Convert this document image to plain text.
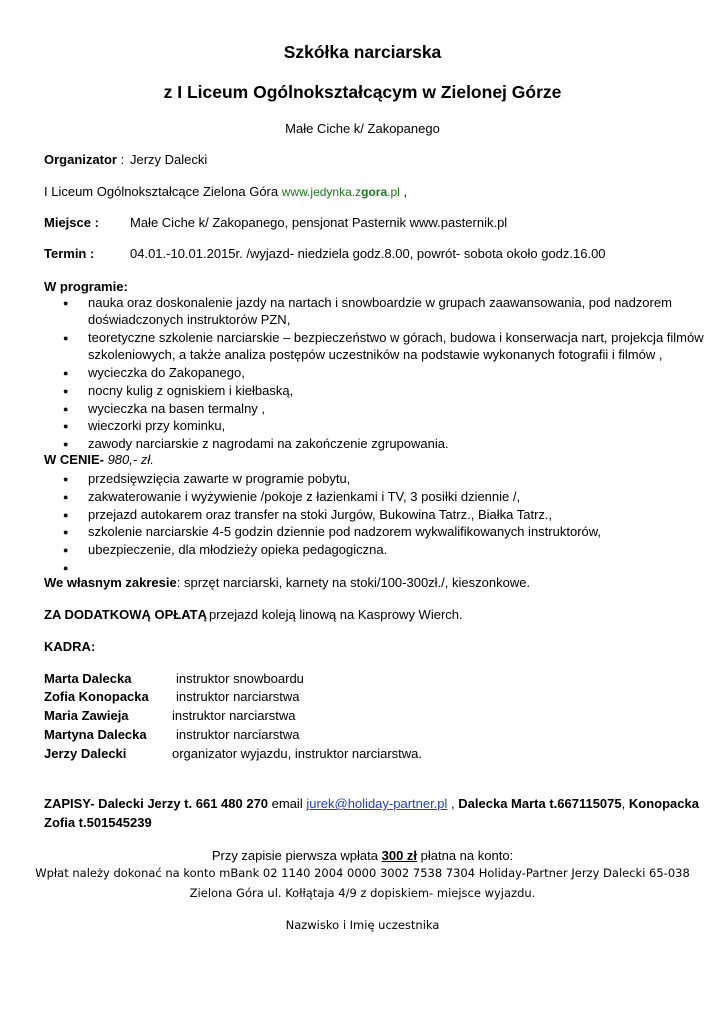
Szkółka narciarska
z I Liceum Ogólnokształcącym w Zielonej Górze
Małe Ciche k/ Zakopanego
Organizator : Jerzy Dalecki
I Liceum Ogólnokształcące Zielona Góra www.jedynka.zgora.pl ,
Miejsce : Małe Ciche k/ Zakopanego, pensjonat Pasternik www.pasternik.pl
Termin :	04.01.-10.01.2015r. /wyjazd- niedziela godz.8.00, powrót- sobota około godz.16.00
W programie:
● nauka oraz doskonalenie jazdy na nartach i snowboardzie w grupach zaawansowania, pod nadzorem
doświadczonych instruktorów PZN,
● teoretyczne szkolenie narciarskie – bezpieczeństwo w górach, budowa i konserwacja nart, projekcja filmów
szkoleniowych, a także analiza postępów uczestników na podstawie wykonanych fotografii i filmów ,
● wycieczka do Zakopanego,
● nocny kulig z ogniskiem i kiełbaską,
● wycieczka na basen termalny ,
● wieczorki przy kominku,
● zawody narciarskie z nagrodami na zakończenie zgrupowania.
W CENIE- 980,- zł.
● przedsięwzięcia zawarte w programie pobytu,
● zakwaterowanie i wyżywienie /pokoje z łazienkami i TV, 3 posiłki dziennie /,
● przejazd autokarem oraz transfer na stoki Jurgów, Bukowina Tatrz., Białka Tatrz.,
● szkolenie narciarskie 4-5 godzin dziennie pod nadzorem wykwalifikowanych instruktorów,
● ubezpieczenie, dla młodzieży opieka pedagogiczna.
●
We własnym zakresie: sprzęt narciarski, karnety na stoki/100-300zł./, kieszonkowe.
ZA DODATKOWĄ OPŁATĄ przejazd koleją linową na Kasprowy Wierch.
KADRA:
Marta Dalecka	instruktor snowboardu
Zofia Konopacka instruktor narciarstwa
Maria Zawieja	instruktor narciarstwa
Martyna Dalecka instruktor narciarstwa
Jerzy Dalecki	organizator wyjazdu, instruktor narciarstwa.
ZAPISY- Dalecki Jerzy t. 661 480 270 email jurek@holiday-partner.pl , Dalecka Marta t.667115075, Konopacka
Zofia t.501545239
Przy zapisie pierwsza wpłata 300 zł płatna na konto:
Wpłat należy dokonać na konto mBank 02 1140 2004 0000 3002 7538 7304 Holiday-Partner Jerzy Dalecki 65-038
Zielona Góra ul. Kołłątaja 4/9 z dopiskiem- miejsce wyjazdu.
Nazwisko i Imię uczestnika
